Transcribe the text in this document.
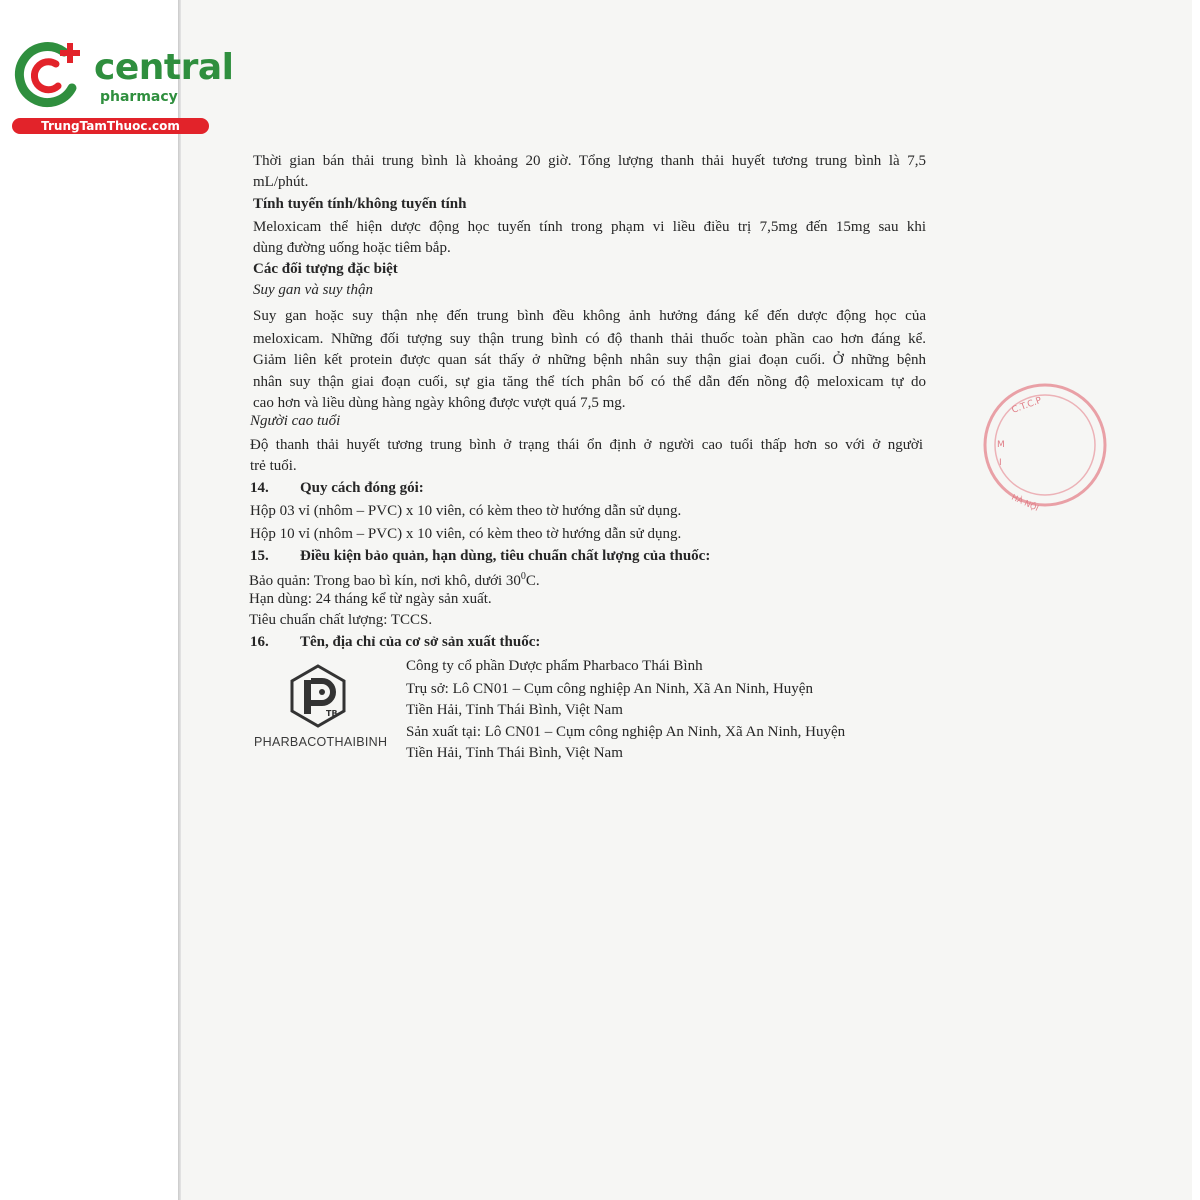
central
pharmacy
TrungTamThuoc.com
Thời gian bán thải trung bình là khoảng 20 giờ. Tổng lượng thanh thải huyết tương trung bình là 7,5
mL/phút.
Tính tuyến tính/không tuyến tính
Meloxicam thể hiện dược động học tuyến tính trong phạm vi liều điều trị 7,5mg đến 15mg sau khi
dùng đường uống hoặc tiêm bắp.
Các đối tượng đặc biệt
Suy gan và suy thận
Suy gan hoặc suy thận nhẹ đến trung bình đều không ảnh hưởng đáng kể đến dược động học của
meloxicam. Những đối tượng suy thận trung bình có độ thanh thải thuốc toàn phần cao hơn đáng kể.
Giảm liên kết protein được quan sát thấy ở những bệnh nhân suy thận giai đoạn cuối. Ở những bệnh
nhân suy thận giai đoạn cuối, sự gia tăng thể tích phân bố có thể dẫn đến nồng độ meloxicam tự do
cao hơn và liều dùng hàng ngày không được vượt quá 7,5 mg.
Người cao tuổi
Độ thanh thải huyết tương trung bình ở trạng thái ổn định ở người cao tuổi thấp hơn so với ở người
trẻ tuổi.
14. Quy cách đóng gói:
Hộp 03 vỉ (nhôm – PVC) x 10 viên, có kèm theo tờ hướng dẫn sử dụng.
Hộp 10 vỉ (nhôm – PVC) x 10 viên, có kèm theo tờ hướng dẫn sử dụng.
15. Điều kiện bảo quản, hạn dùng, tiêu chuẩn chất lượng của thuốc:
Bảo quản: Trong bao bì kín, nơi khô, dưới $30^0C$.
Hạn dùng: 24 tháng kể từ ngày sản xuất.
Tiêu chuẩn chất lượng: TCCS.
16. Tên, địa chỉ của cơ sở sản xuất thuốc:
Công ty cổ phần Dược phẩm Pharbaco Thái Bình
Trụ sở: Lô CN01 – Cụm công nghiệp An Ninh, Xã An Ninh, Huyện
Tiền Hải, Tỉnh Thái Bình, Việt Nam
Sản xuất tại: Lô CN01 – Cụm công nghiệp An Ninh, Xã An Ninh, Huyện
Tiền Hải, Tỉnh Thái Bình, Việt Nam
TB
PHARBACOTHAIBINH
C.T.C.P
M
I
HÀ NỘI
